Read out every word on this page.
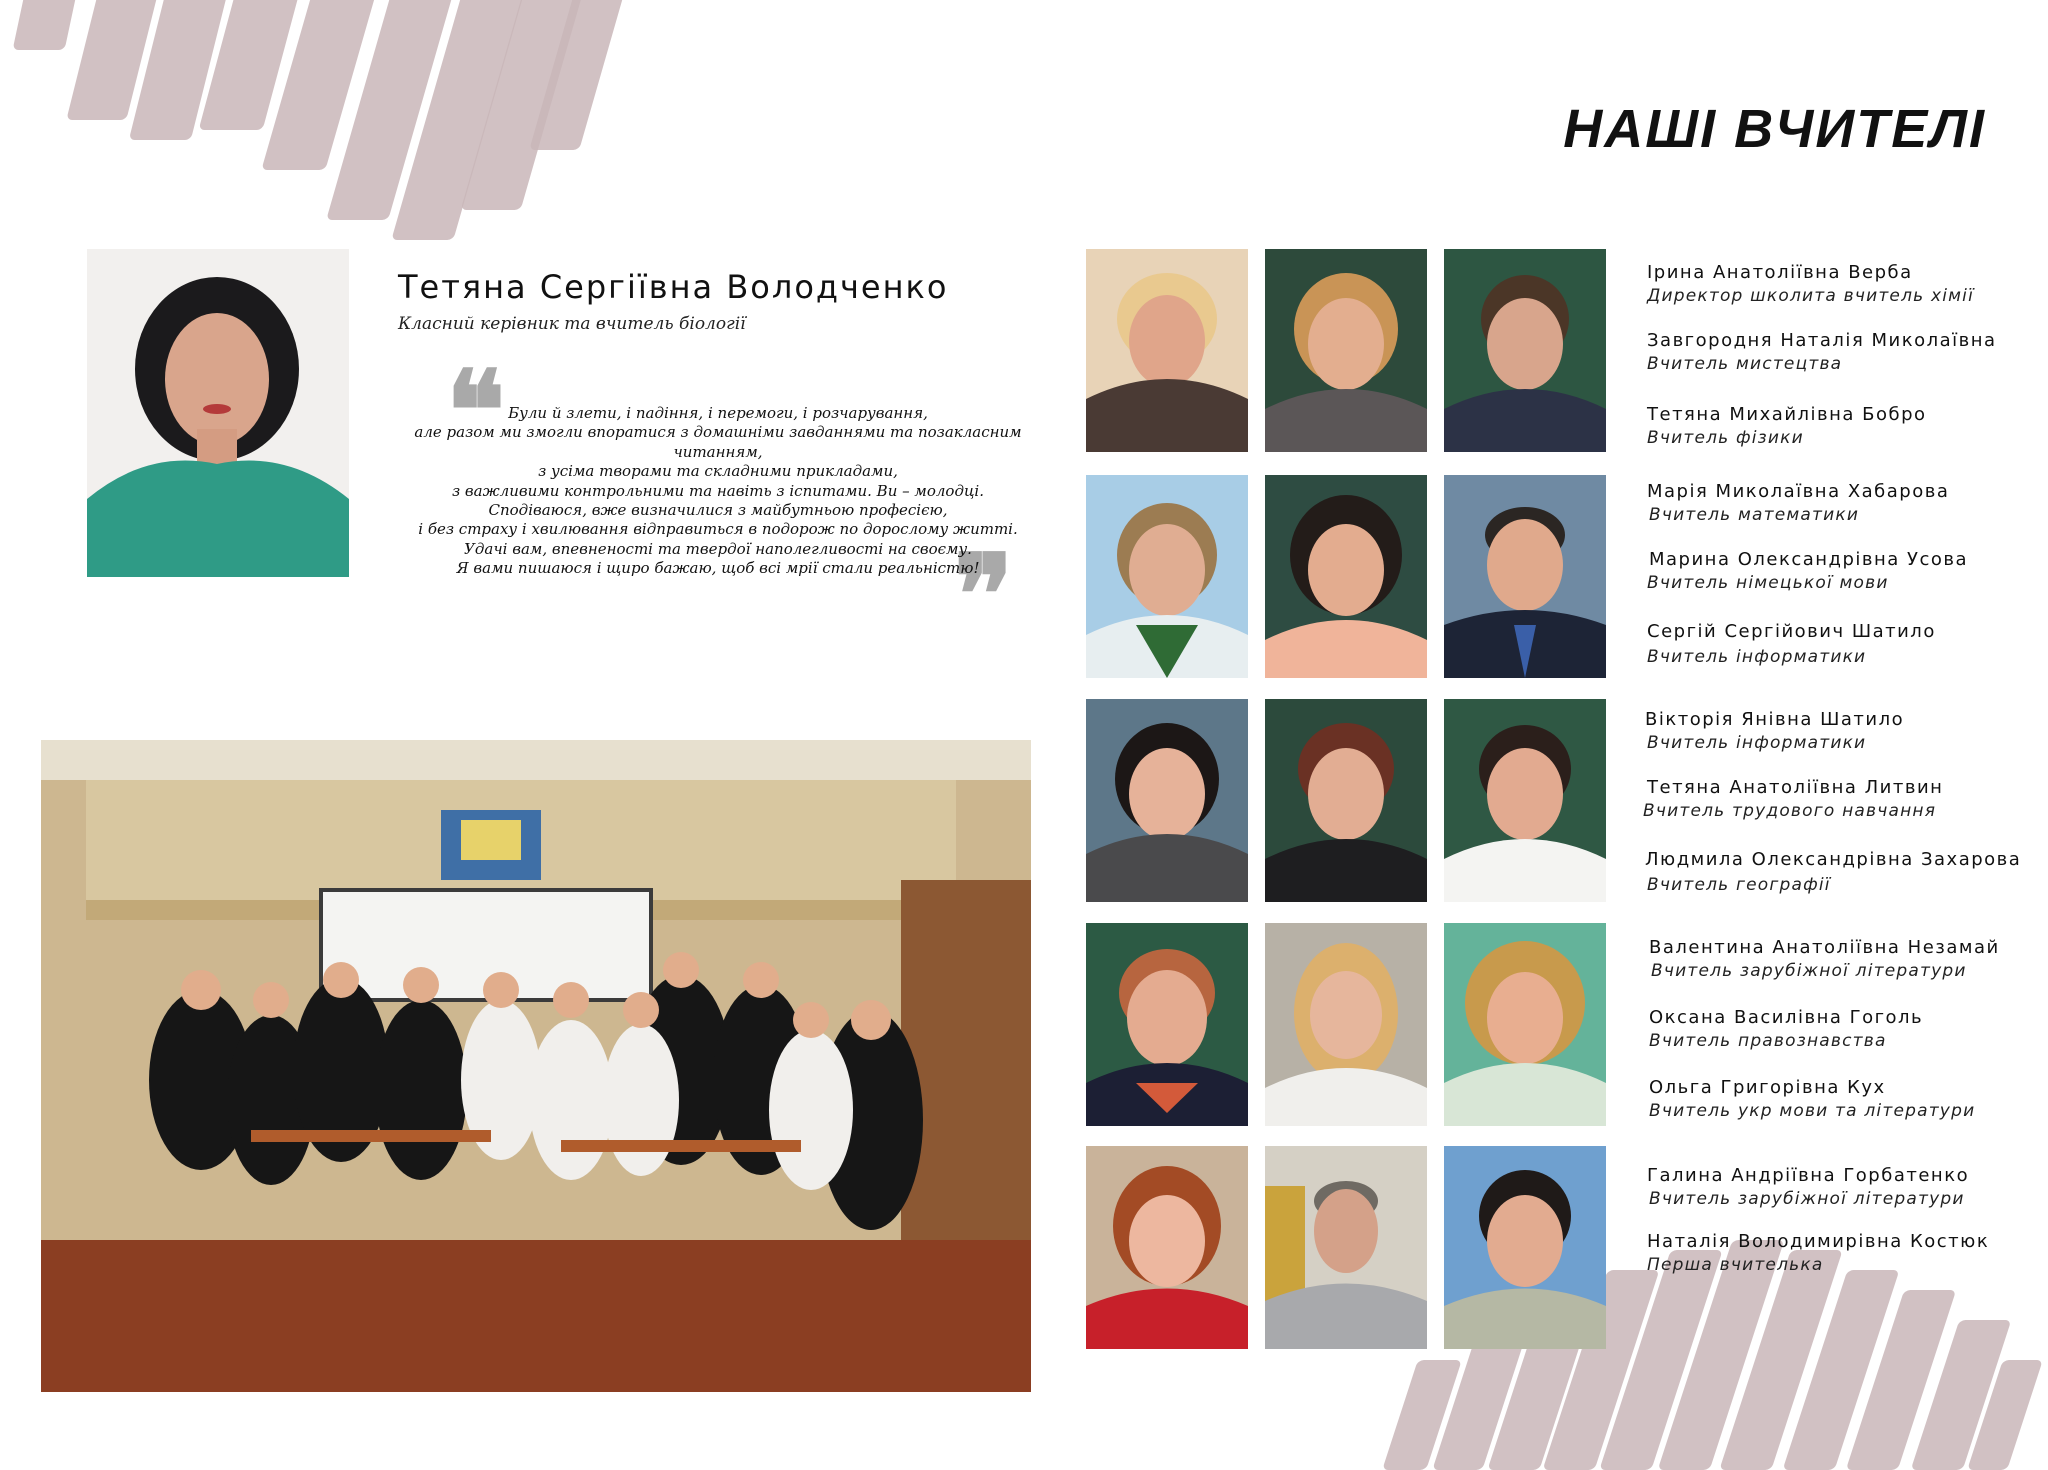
НАШІ ВЧИТЕЛІ
Тетяна Сергіївна Володченко
Класний керівник та вчитель біології
❝
❞
Були й злети, і падіння, і перемоги, і розчарування,
але разом ми змогли впоратися з домашніми завданнями та позакласним читанням,
з усіма творами та складними прикладами,
з важливими контрольними та навіть з іспитами. Ви – молодці.
Сподіваюся, вже визначилися з майбутньою професією,
і без страху і хвилювання відправиться в подорож по дорослому житті.
Удачі вам, впевненості та твердої наполегливості на своєму.
Я вами пишаюся і щиро бажаю, щоб всі мрії стали реальністю!
Ірина Анатоліївна Верба
Директор школита вчитель хімії
Завгородня Наталія Миколаївна
Вчитель мистецтва
Тетяна Михайлівна Бобро
Вчитель фізики
Марія Миколаївна Хабарова
Вчитель математики
Марина Олександрівна Усова
Вчитель німецької мови
Сергій Сергійович Шатило
Вчитель інформатики
Вікторія Янівна Шатило
Вчитель інформатики
Тетяна Анатоліївна Литвин
Вчитель трудового навчання
Людмила Олександрівна Захарова
Вчитель географії
Валентина Анатоліївна Незамай
Вчитель зарубіжної літератури
Оксана Василівна Гоголь
Вчитель правознавства
Ольга Григорівна Кух
Вчитель укр мови та літератури
Галина Андріївна Горбатенко
Вчитель зарубіжної літератури
Наталія Володимирівна Костюк
Перша вчителька
